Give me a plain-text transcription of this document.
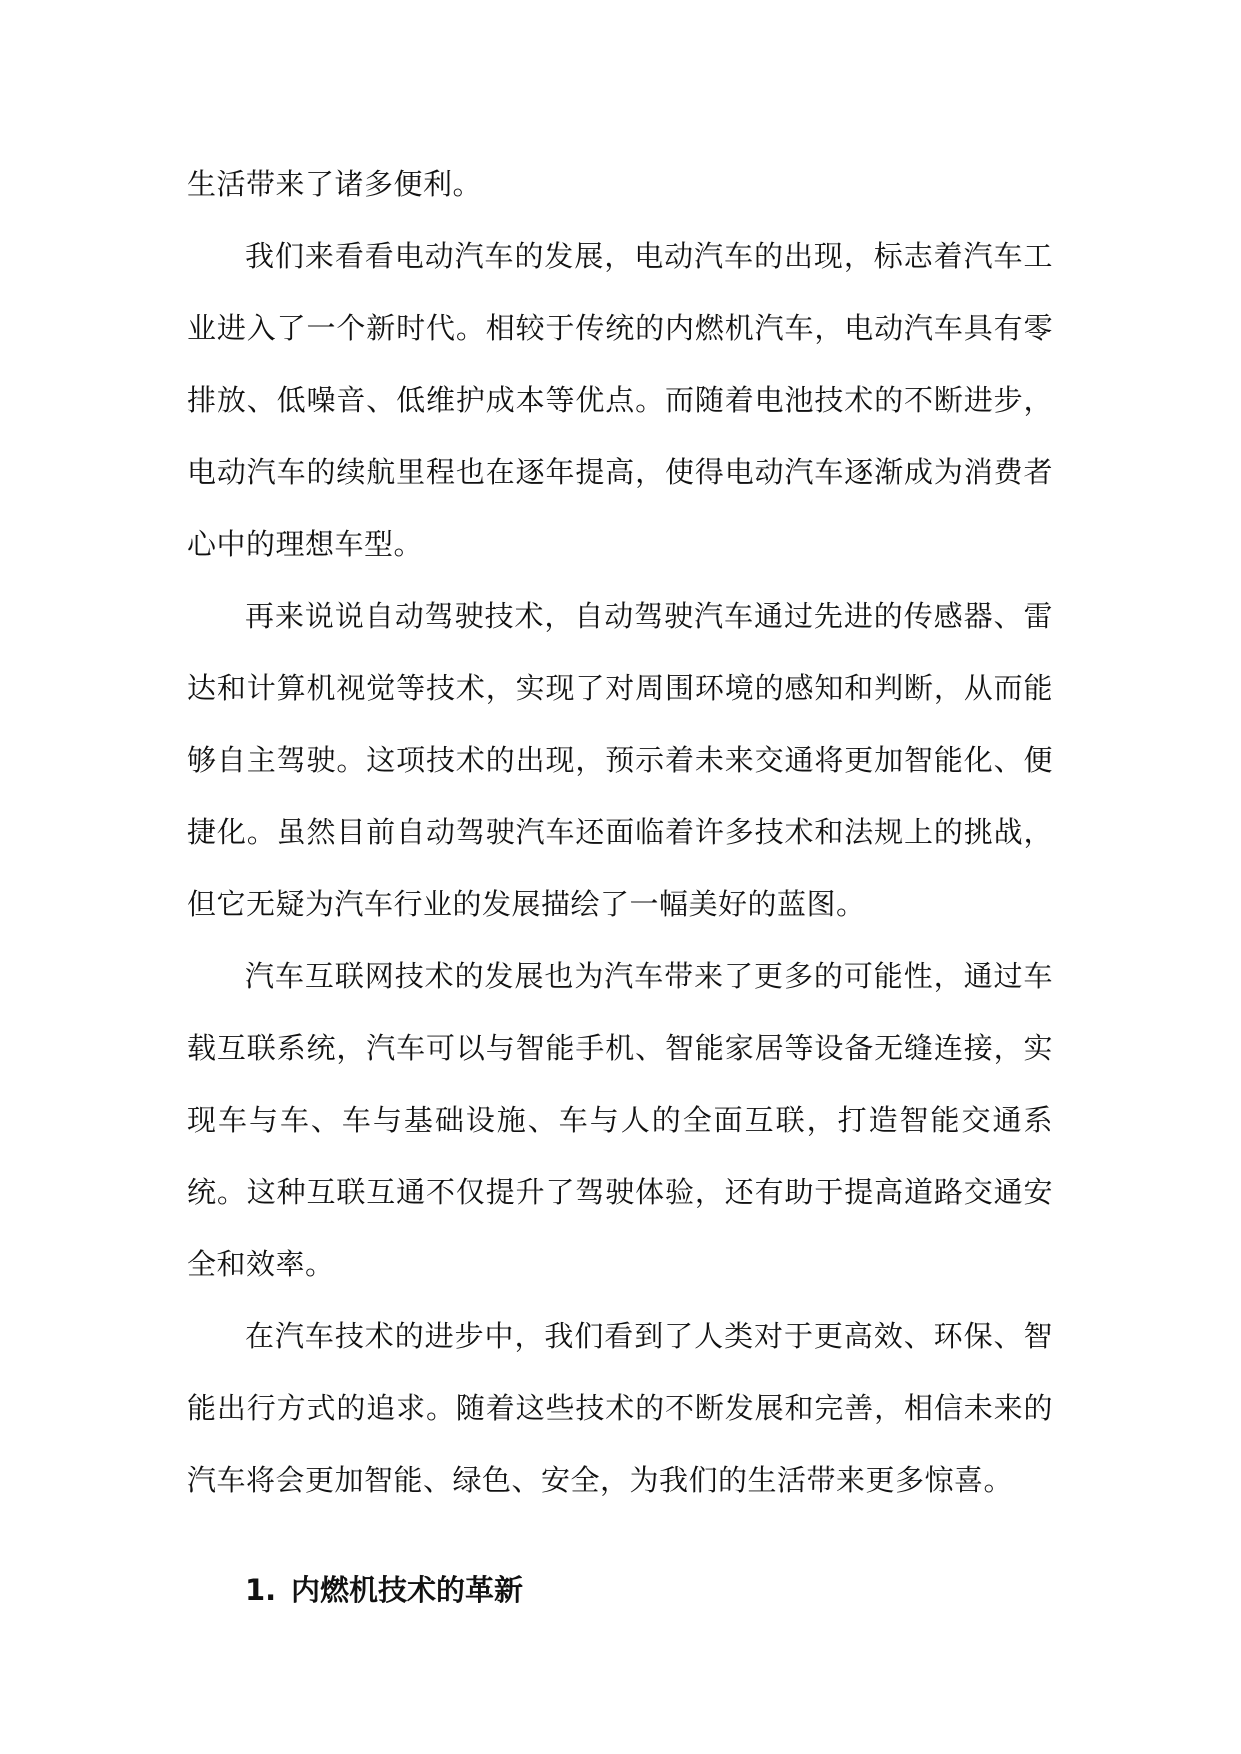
生活带来了诸多便利。

我们来看看电动汽车的发展，电动汽车的出现，标志着汽车工业进入了一个新时代。相较于传统的内燃机汽车，电动汽车具有零排放、低噪音、低维护成本等优点。而随着电池技术的不断进步，电动汽车的续航里程也在逐年提高，使得电动汽车逐渐成为消费者心中的理想车型。

再来说说自动驾驶技术，自动驾驶汽车通过先进的传感器、雷达和计算机视觉等技术，实现了对周围环境的感知和判断，从而能够自主驾驶。这项技术的出现，预示着未来交通将更加智能化、便捷化。虽然目前自动驾驶汽车还面临着许多技术和法规上的挑战，但它无疑为汽车行业的发展描绘了一幅美好的蓝图。

汽车互联网技术的发展也为汽车带来了更多的可能性，通过车载互联系统，汽车可以与智能手机、智能家居等设备无缝连接，实现车与车、车与基础设施、车与人的全面互联，打造智能交通系统。这种互联互通不仅提升了驾驶体验，还有助于提高道路交通安全和效率。

在汽车技术的进步中，我们看到了人类对于更高效、环保、智能出行方式的追求。随着这些技术的不断发展和完善，相信未来的汽车将会更加智能、绿色、安全，为我们的生活带来更多惊喜。

1. 内燃机技术的革新
